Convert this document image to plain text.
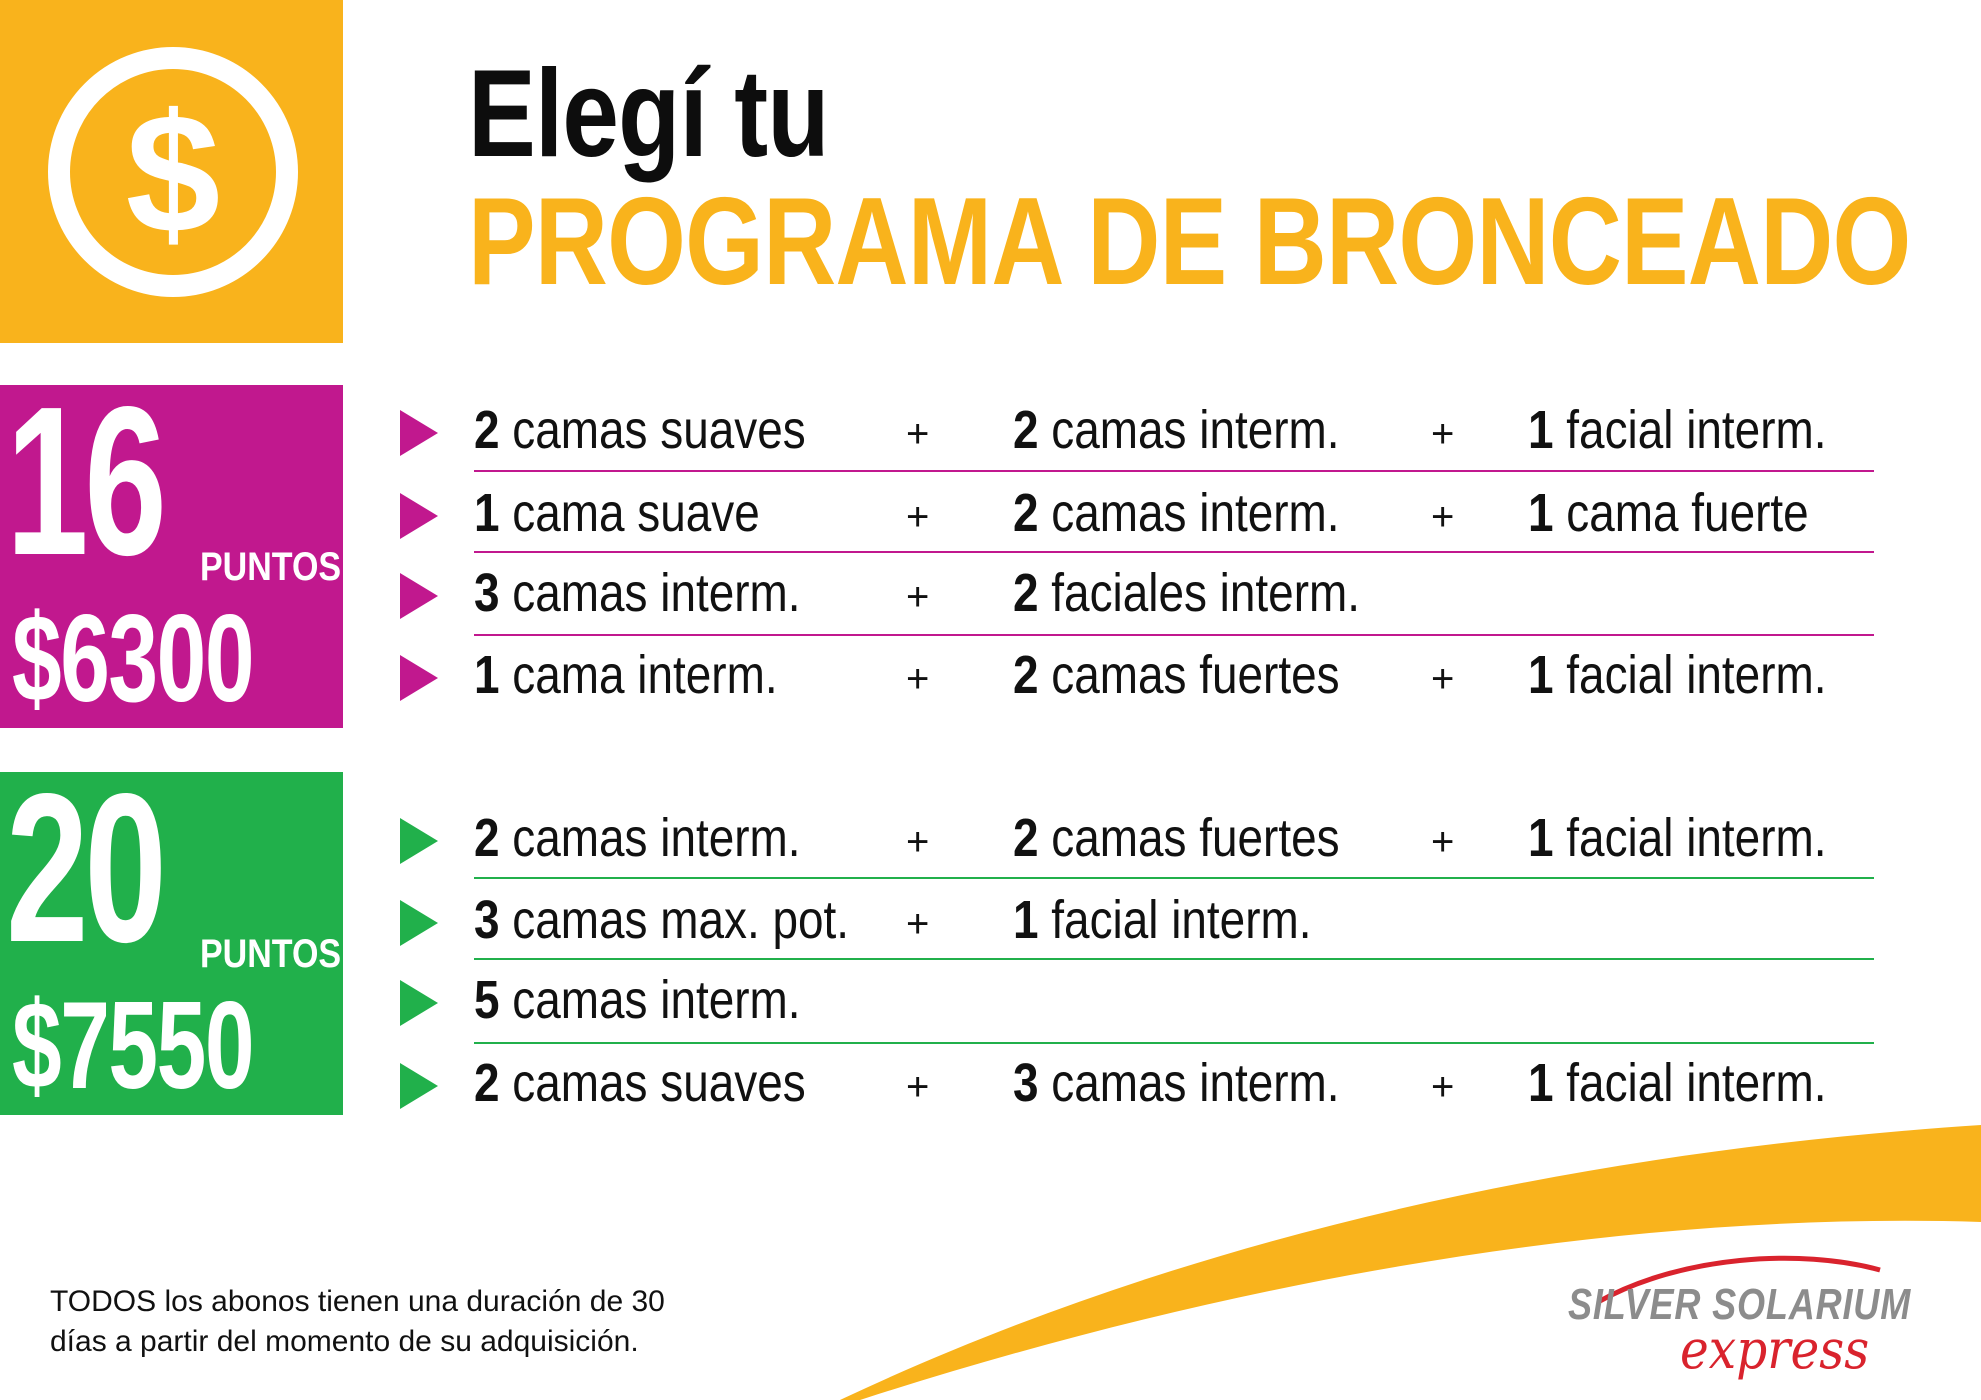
$ Elegí tu
PROGRAMA DE BRONCEADO
16 PUNTOS
$6300
20 PUNTOS
$7550
2 camas suaves	+ 2 camas interm. + 1 facial interm.
1 cama suave	+ 2 camas interm. + 1 cama fuerte
3 camas interm.	+ 2 faciales interm.
1 cama interm.	+ 2 camas fuertes + 1 facial interm.
2 camas interm.	+ 2 camas fuertes + 1 facial interm.
3 camas max. pot. + 1 facial interm.
5 camas interm.
2 camas suaves	+ 3 camas interm. + 1 facial interm.
TODOS los abonos tienen una duración de 30
días a partir del momento de su adquisición.
SILVER SOLARIUM
express
